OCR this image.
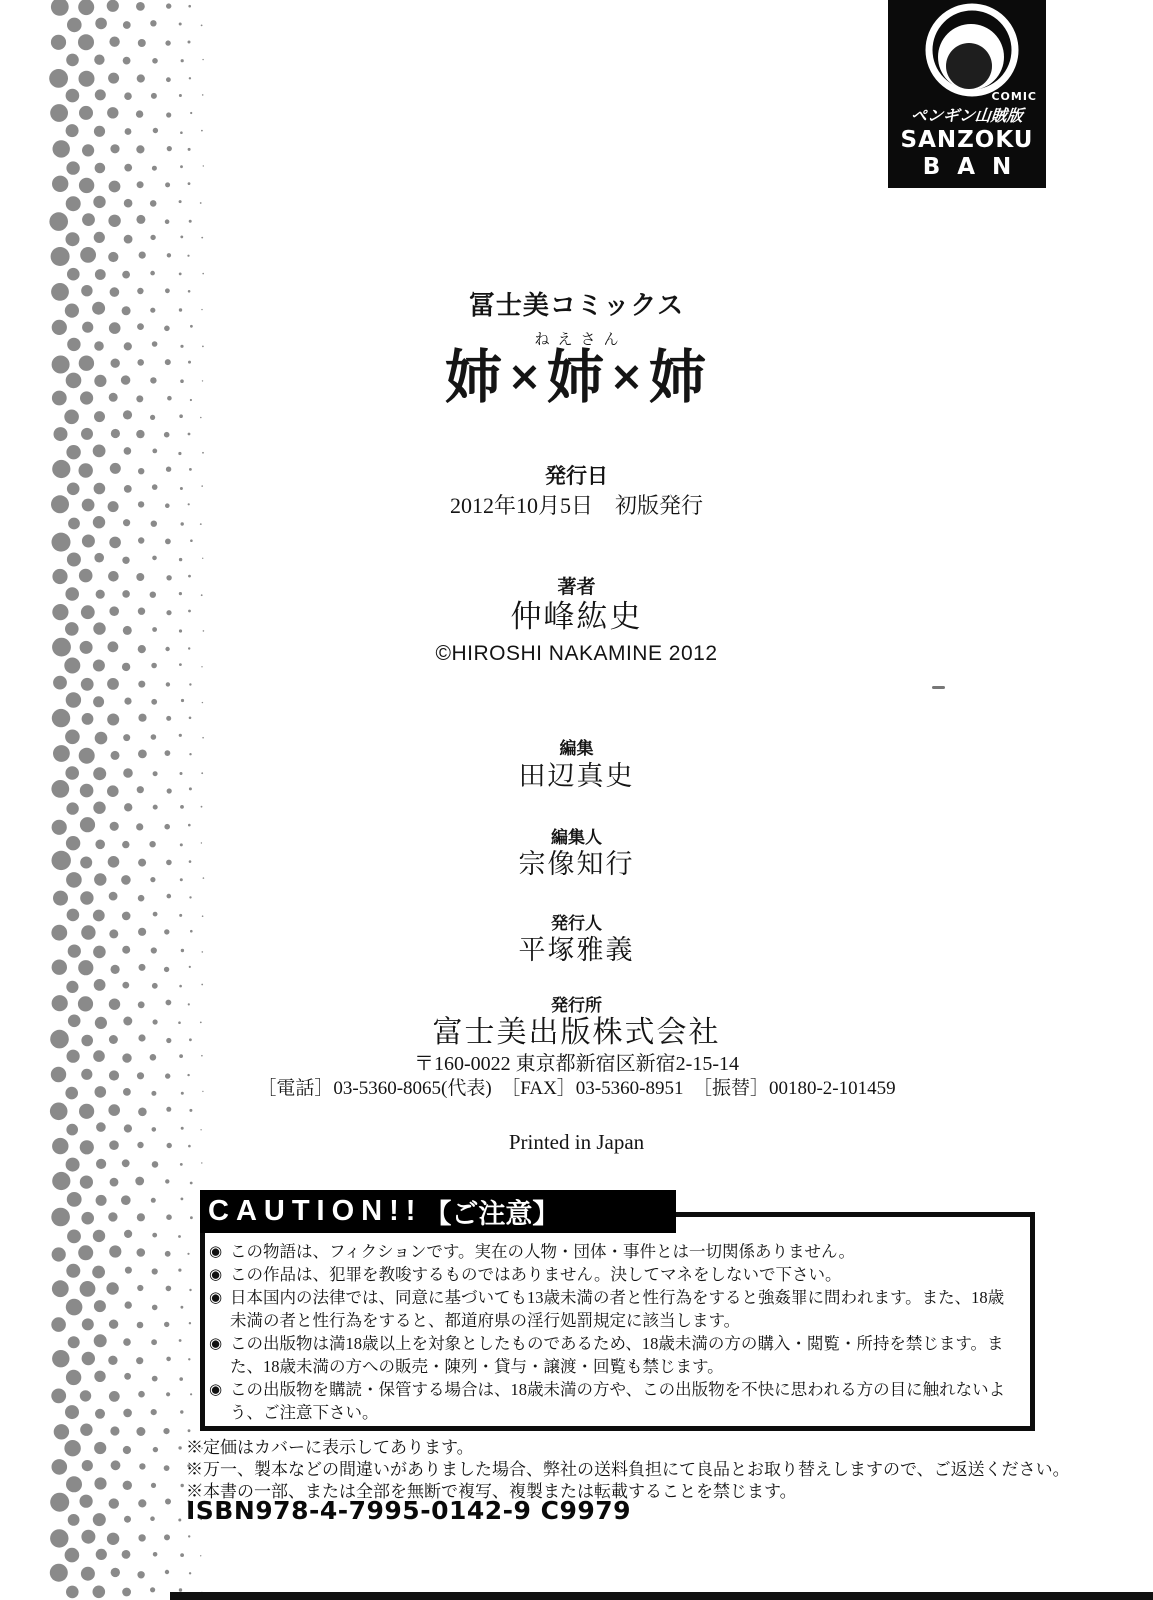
COMIC
ペンギン山賊版
SANZOKU
BAN
冨士美コミックス
ねえさん
姉×姉×姉
発行日
2012年10月5日　初版発行
著者
仲峰紘史
©HIROSHI NAKAMINE 2012
編集
田辺真史
編集人
宗像知行
発行人
平塚雅義
発行所
富士美出版株式会社
〒160-0022 東京都新宿区新宿2-15-14
［電話］03-5360-8065(代表)　［FAX］03-5360-8951　［振替］00180-2-101459
Printed in Japan
CAUTION!! 【ご注意】
◉ この物語は、フィクションです。実在の人物・団体・事件とは一切関係ありません。
◉ この作品は、犯罪を教唆するものではありません。決してマネをしないで下さい。
◉ 日本国内の法律では、同意に基づいても13歳未満の者と性行為をすると強姦罪に問われます。また、18歳未満の者と性行為をすると、都道府県の淫行処罰規定に該当します。
◉ この出版物は満18歳以上を対象としたものであるため、18歳未満の方の購入・閲覧・所持を禁じます。また、18歳未満の方への販売・陳列・貸与・譲渡・回覧も禁じます。
◉ この出版物を購読・保管する場合は、18歳未満の方や、この出版物を不快に思われる方の目に触れないよう、ご注意下さい。

※定価はカバーに表示してあります。

※万一、製本などの間違いがありました場合、弊社の送料負担にて良品とお取り替えしますので、ご返送ください。

※本書の一部、または全部を無断で複写、複製または転載することを禁じます。

ISBN978-4-7995-0142-9 C9979
